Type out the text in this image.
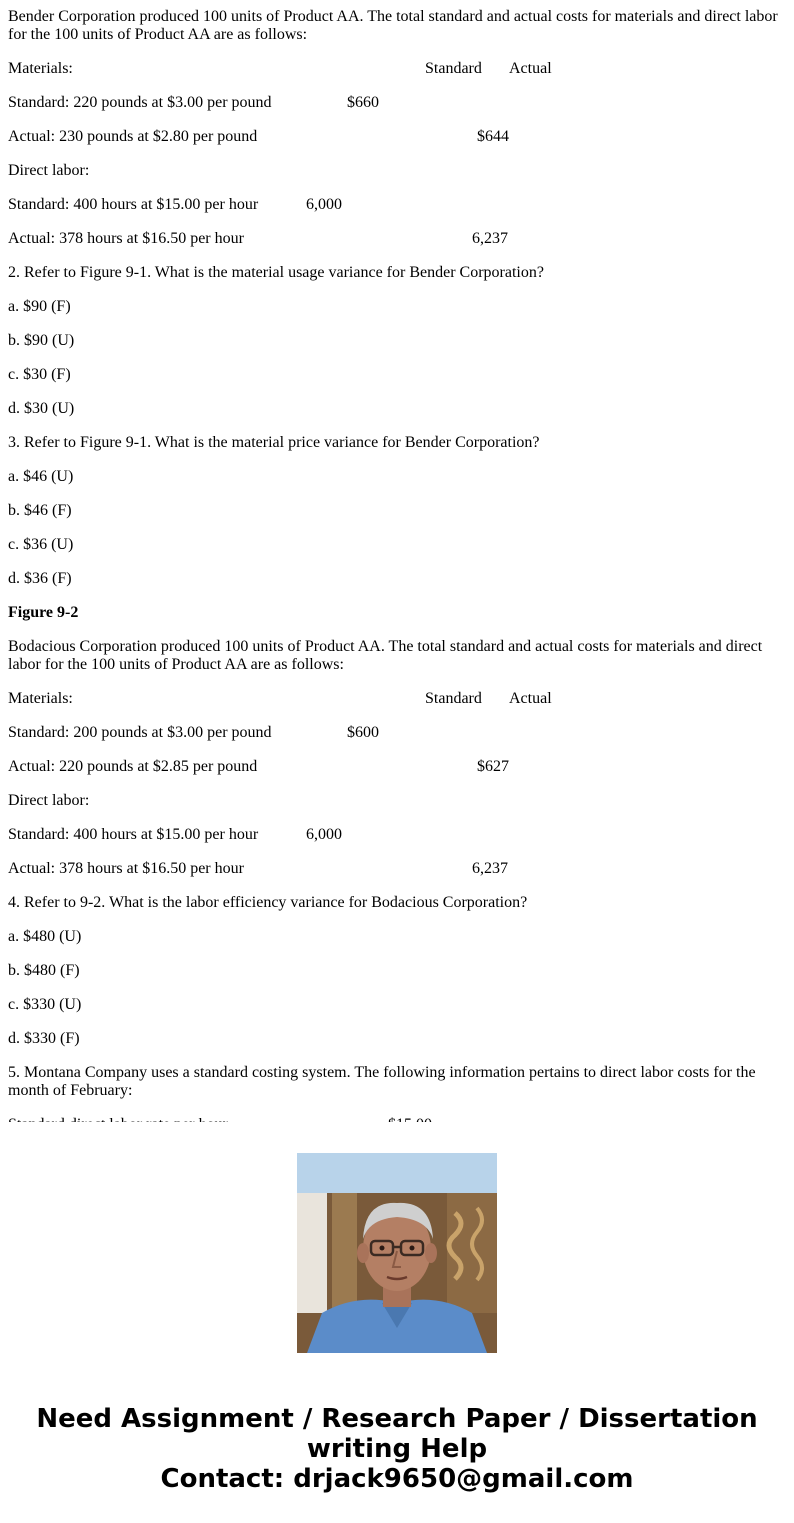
Bender Corporation produced 100 units of Product AA. The total standard and actual costs for materials and direct labor for the 100 units of Product AA are as follows:
Materials:	Standard Actual
Standard: 220 pounds at $3.00 per pound	$660
Actual: 230 pounds at $2.80 per pound	$644
Direct labor:
Standard: 400 hours at $15.00 per hour	6,000
Actual: 378 hours at $16.50 per hour	6,237
2. Refer to Figure 9-1. What is the material usage variance for Bender Corporation?
a. $90 (F)
b. $90 (U)
c. $30 (F)
d. $30 (U)
3. Refer to Figure 9-1. What is the material price variance for Bender Corporation?
a. $46 (U)
b. $46 (F)
c. $36 (U)
d. $36 (F)
Figure 9-2
Bodacious Corporation produced 100 units of Product AA. The total standard and actual costs for materials and direct labor for the 100 units of Product AA are as follows:
Materials:	Standard Actual
Standard: 200 pounds at $3.00 per pound	$600
Actual: 220 pounds at $2.85 per pound	$627
Direct labor:
Standard: 400 hours at $15.00 per hour	6,000
Actual: 378 hours at $16.50 per hour	6,237
4. Refer to 9-2. What is the labor efficiency variance for Bodacious Corporation?
a. $480 (U)
b. $480 (F)
c. $330 (U)
d. $330 (F)
5. Montana Company uses a standard costing system. The following information pertains to direct labor costs for the month of February:
Need Assignment / Research Paper / Dissertation
writing Help
Contact: drjack9650@gmail.com
